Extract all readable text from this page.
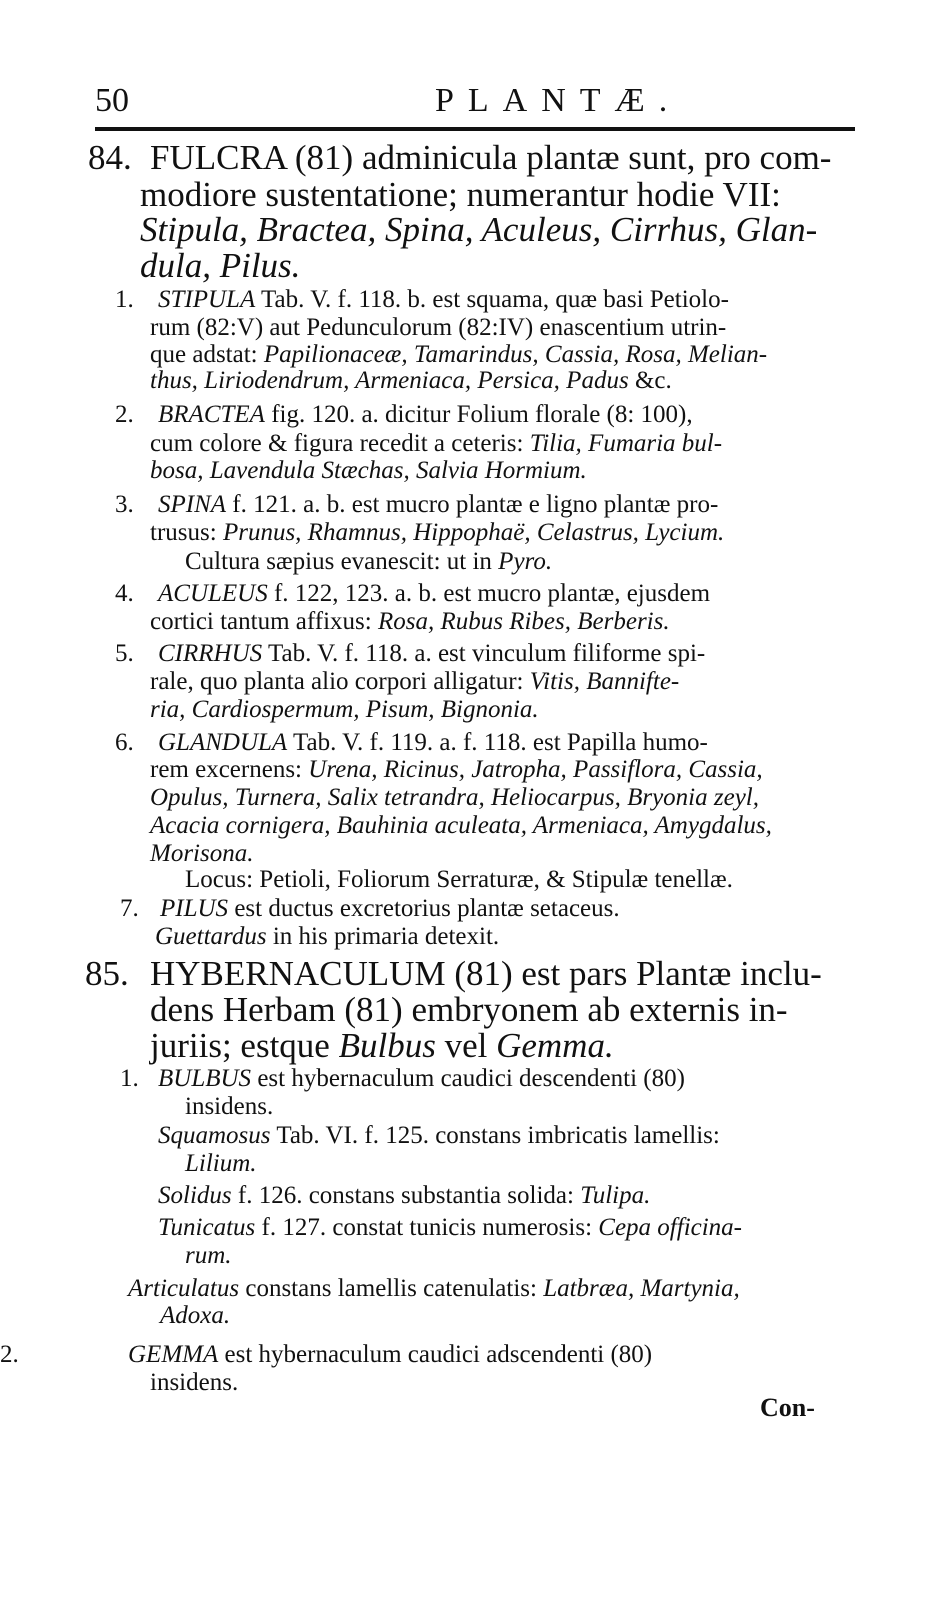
50	PLANTÆ.
84. FULCRA (81) adminicula plantæ sunt, pro com-
modiore sustentatione; numerantur hodie VII:
Stipula, Bractea, Spina, Aculeus, Cirrhus, Glan-
dula, Pilus.
1. STIPULA Tab. V. f. 118. b. est squama, quæ basi Petiolo-
rum (82:V) aut Pedunculorum (82:IV) enascentium utrin-
que adstat: Papilionaceæ, Tamarindus, Cassia, Rosa, Melian-
thus, Liriodendrum, Armeniaca, Persica, Padus &c.
2. BRACTEA fig. 120. a. dicitur Folium florale (8: 100),
cum colore & figura recedit a ceteris: Tilia, Fumaria bul-
bosa, Lavendula Stæchas, Salvia Hormium.
3. SPINA f. 121. a. b. est mucro plantæ e ligno plantæ pro-
trusus: Prunus, Rhamnus, Hippophaë, Celastrus, Lycium.
Cultura sæpius evanescit: ut in Pyro.
4. ACULEUS f. 122, 123. a. b. est mucro plantæ, ejusdem
cortici tantum affixus: Rosa, Rubus Ribes, Berberis.
5. CIRRHUS Tab. V. f. 118. a. est vinculum filiforme spi-
rale, quo planta alio corpori alligatur: Vitis, Bannifte-
ria, Cardiospermum, Pisum, Bignonia.
6. GLANDULA Tab. V. f. 119. a. f. 118. est Papilla humo-
rem excernens: Urena, Ricinus, Jatropha, Passiflora, Cassia,
Opulus, Turnera, Salix tetrandra, Heliocarpus, Bryonia zeyl,
Acacia cornigera, Bauhinia aculeata, Armeniaca, Amygdalus,
Morisona.
Locus: Petioli, Foliorum Serraturæ, & Stipulæ tenellæ.
7. PILUS est ductus excretorius plantæ setaceus.
Guettardus in his primaria detexit.
85. HYBERNACULUM (81) est pars Plantæ inclu-
dens Herbam (81) embryonem ab externis in-
juriis; estque Bulbus vel Gemma.
1. BULBUS est hybernaculum caudici descendenti (80)
insidens.
Squamosus Tab. VI. f. 125. constans imbricatis lamellis:
Lilium.
Solidus f. 126. constans substantia solida: Tulipa.
Tunicatus f. 127. constat tunicis numerosis: Cepa officina-
rum.
Articulatus constans lamellis catenulatis: Latbræa, Martynia,
Adoxa.
2.	GEMMA est hybernaculum caudici adscendenti (80)
insidens.
Con-
